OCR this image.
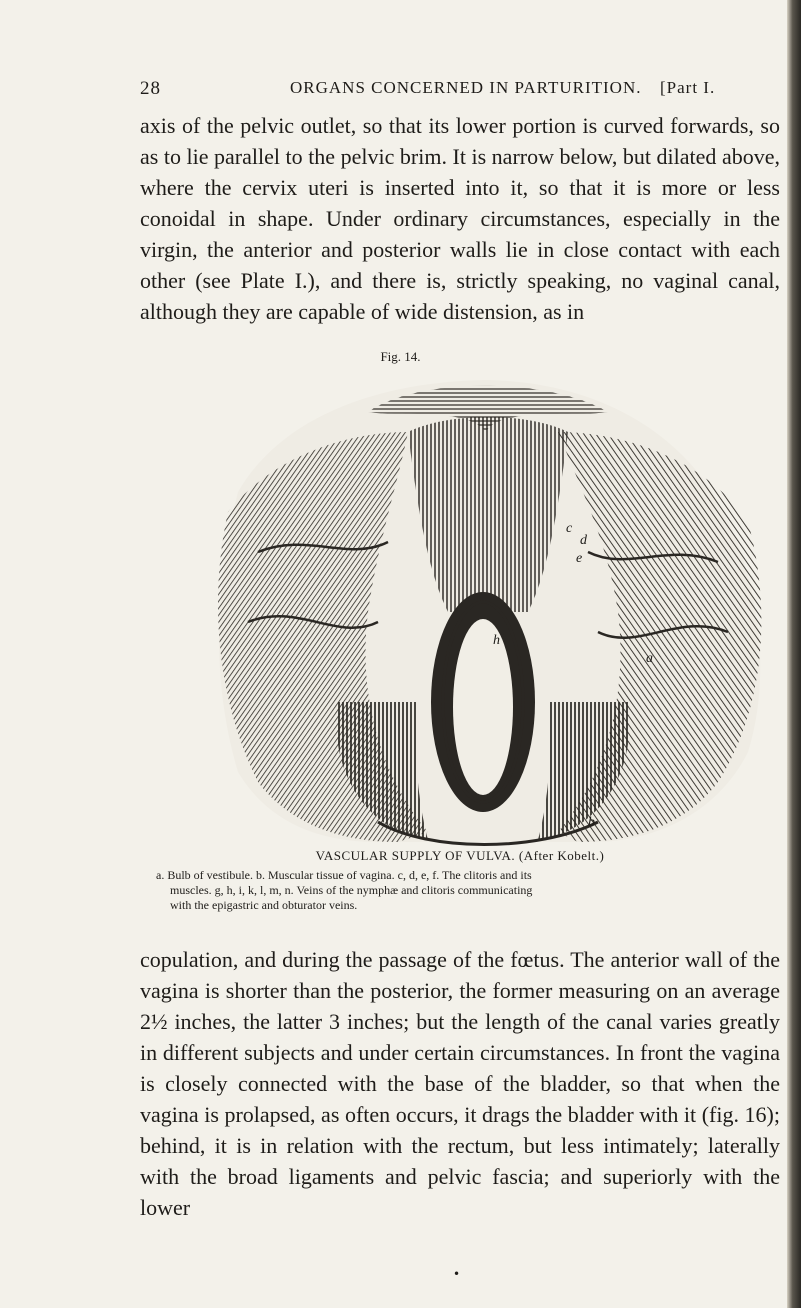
28	ORGANS CONCERNED IN PARTURITION. [Part I.

axis of the pelvic outlet, so that its lower portion is curved forwards, so as to lie parallel to the pelvic brim. It is narrow below, but dilated above, where the cervix uteri is inserted into it, so that it is more or less conoidal in shape. Under ordinary circumstances, especially in the virgin, the anterior and posterior walls lie in close contact with each other (see Plate I.), and there is, strictly speaking, no vaginal canal, although they are capable of wide distension, as in

Fig. 14.
h
c
d
e
a
b
VASCULAR SUPPLY OF VULVA. (After Kobelt.)

a. Bulb of vestibule. b. Muscular tissue of vagina. c, d, e, f. The clitoris and its

muscles. g, h, i, k, l, m, n. Veins of the nymphæ and clitoris communicating

with the epigastric and obturator veins.

copulation, and during the passage of the fœtus. The anterior wall of the vagina is shorter than the posterior, the former measuring on an average 2½ inches, the latter 3 inches; but the length of the canal varies greatly in different subjects and under certain circumstances. In front the vagina is closely connected with the base of the bladder, so that when the vagina is prolapsed, as often occurs, it drags the bladder with it (fig. 16); behind, it is in relation with the rectum, but less intimately; laterally with the broad ligaments and pelvic fascia; and superiorly with the lower

•
